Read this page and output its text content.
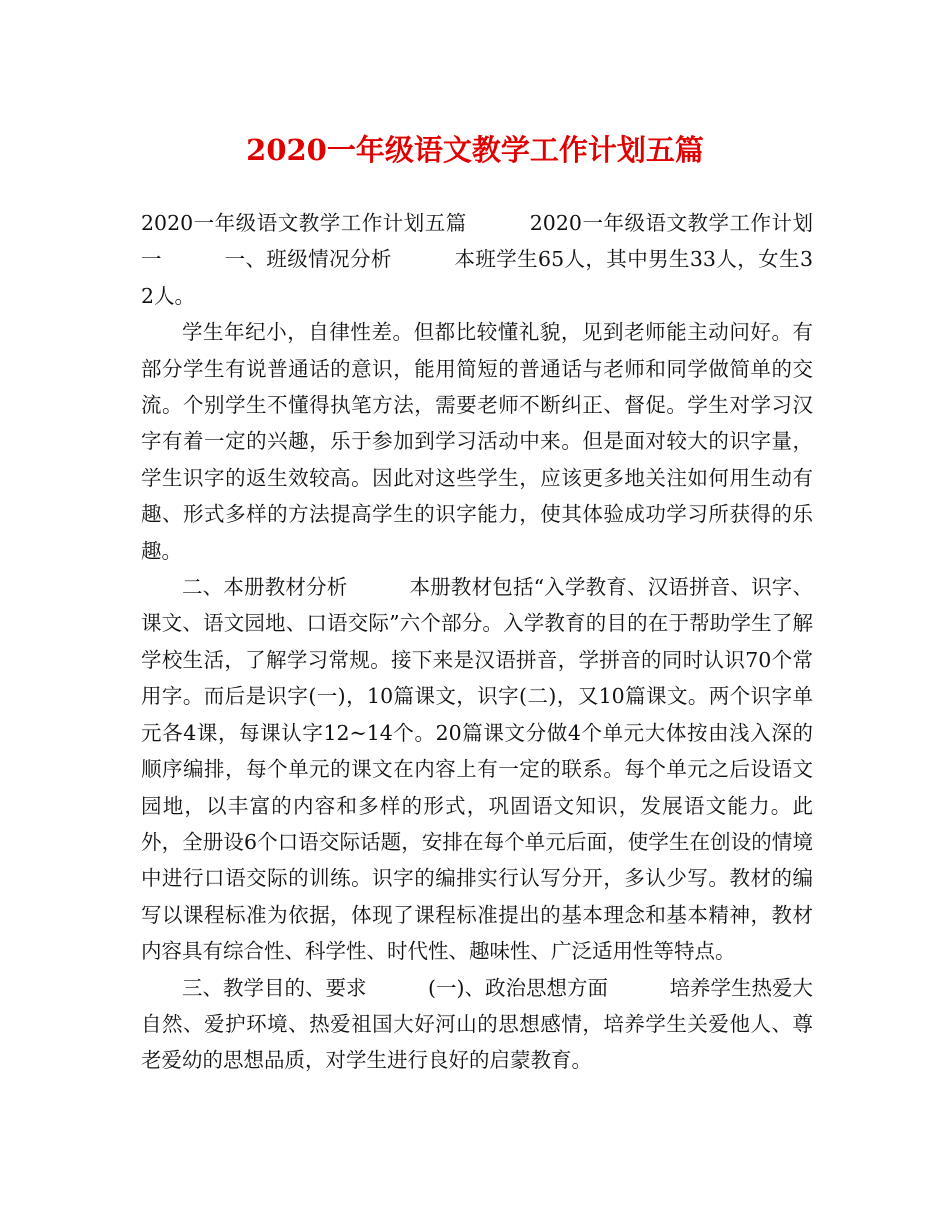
2020一年级语文教学工作计划五篇

2020一年级语文教学工作计划五篇　　　2020一年级语文教学工作计划一　　　一、班级情况分析　　　本班学生65人，其中男生33人，女生32人。

学生年纪小，自律性差。但都比较懂礼貌，见到老师能主动问好。有部分学生有说普通话的意识，能用简短的普通话与老师和同学做简单的交流。个别学生不懂得执笔方法，需要老师不断纠正、督促。学生对学习汉字有着一定的兴趣，乐于参加到学习活动中来。但是面对较大的识字量，学生识字的返生效较高。因此对这些学生，应该更多地关注如何用生动有趣、形式多样的方法提高学生的识字能力，使其体验成功学习所获得的乐趣。

二、本册教材分析　　　本册教材包括“入学教育、汉语拼音、识字、课文、语文园地、口语交际”六个部分。入学教育的目的在于帮助学生了解学校生活，了解学习常规。接下来是汉语拼音，学拼音的同时认识70个常用字。而后是识字(一)，10篇课文，识字(二)，又10篇课文。两个识字单元各4课，每课认字12~14个。20篇课文分做4个单元大体按由浅入深的顺序编排，每个单元的课文在内容上有一定的联系。每个单元之后设语文园地，以丰富的内容和多样的形式，巩固语文知识，发展语文能力。此外，全册设6个口语交际话题，安排在每个单元后面，使学生在创设的情境中进行口语交际的训练。识字的编排实行认写分开，多认少写。教材的编写以课程标准为依据，体现了课程标准提出的基本理念和基本精神，教材内容具有综合性、科学性、时代性、趣味性、广泛适用性等特点。

三、教学目的、要求　　　(一)、政治思想方面　　　培养学生热爱大自然、爱护环境、热爱祖国大好河山的思想感情，培养学生关爱他人、尊老爱幼的思想品质，对学生进行良好的启蒙教育。
